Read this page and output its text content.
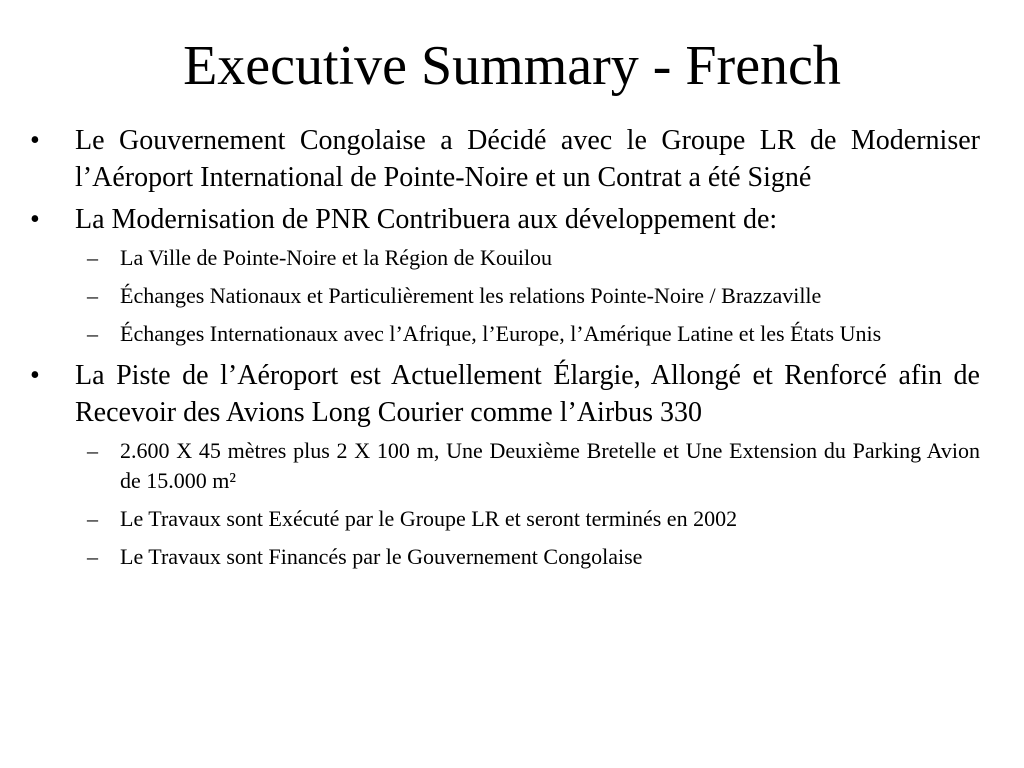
Executive Summary - French
• Le Gouvernement Congolaise a Décidé avec le Groupe LR de Moderniser l’Aéroport International de Pointe-Noire et un Contrat a été Signé
• La Modernisation de PNR Contribuera aux développement de:
– La Ville de Pointe-Noire et la Région de Kouilou
– Échanges Nationaux et Particulièrement les relations Pointe-Noire / Brazzaville
– Échanges Internationaux avec l’Afrique, l’Europe, l’Amérique Latine et les États Unis
• La Piste de l’Aéroport est Actuellement Élargie, Allongé et Renforcé afin de Recevoir des Avions Long Courier comme l’Airbus 330
– 2.600 X 45 mètres plus 2 X 100 m, Une Deuxième Bretelle et Une Extension du Parking Avion de 15.000 m²
– Le Travaux sont Exécuté par le Groupe LR et seront terminés en 2002
– Le Travaux sont Financés par le Gouvernement Congolaise
